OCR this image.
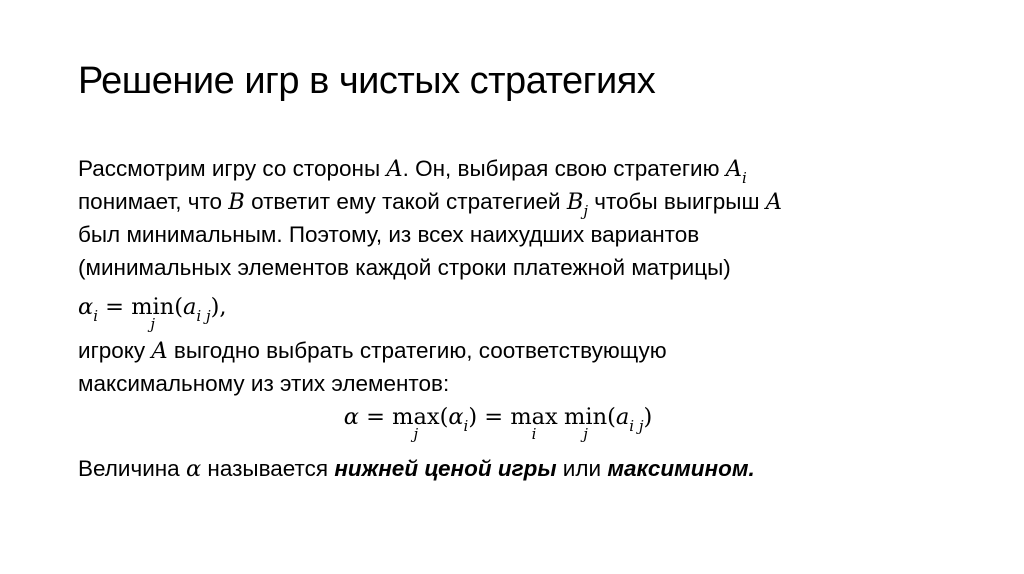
Решение игр в чистых стратегиях
Рассмотрим игру со стороны A. Он, выбирая свою стратегию $A_i$
понимает, что B ответит ему такой стратегией $B_j$ чтобы выигрыш A
был минимальным. Поэтому, из всех наихудших вариантов
(минимальных элементов каждой строки платежной матрицы)
$\alpha_i = \min$
j
$(a_{i j})$,
игроку A выгодно выбрать стратегию, соответствующую
максимальному из этих элементов:
α = max
j
$(\alpha_i) = \max$
i
min
j
$(a_{i j})$
Величина α называется нижней ценой игры или максимином.
